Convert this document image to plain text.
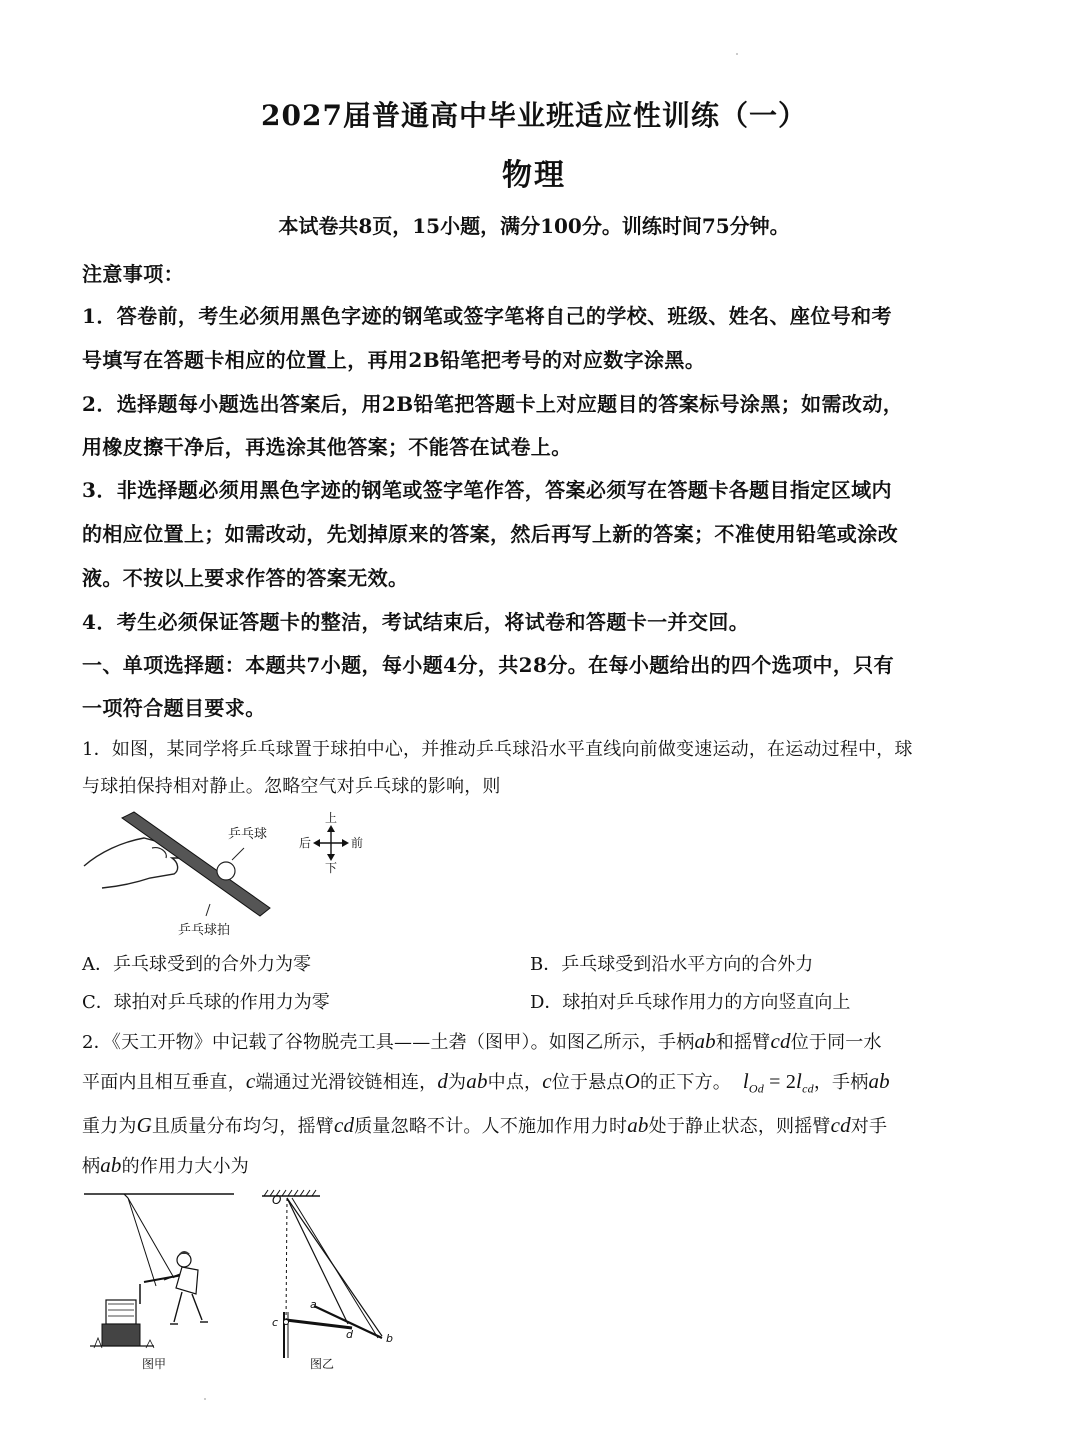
2027届普通高中毕业班适应性训练（一）
物理
本试卷共8页，15小题，满分100分。训练时间75分钟。
注意事项：
1．答卷前，考生必须用黑色字迹的钢笔或签字笔将自己的学校、班级、姓名、座位号和考
号填写在答题卡相应的位置上，再用2B铅笔把考号的对应数字涂黑。
2．选择题每小题选出答案后，用2B铅笔把答题卡上对应题目的答案标号涂黑；如需改动，
用橡皮擦干净后，再选涂其他答案；不能答在试卷上。
3．非选择题必须用黑色字迹的钢笔或签字笔作答，答案必须写在答题卡各题目指定区域内
的相应位置上；如需改动，先划掉原来的答案，然后再写上新的答案；不准使用铅笔或涂改
液。不按以上要求作答的答案无效。
4．考生必须保证答题卡的整洁，考试结束后，将试卷和答题卡一并交回。
一、单项选择题：本题共7小题，每小题4分，共28分。在每小题给出的四个选项中，只有
一项符合题目要求。
1．如图，某同学将乒乓球置于球拍中心，并推动乒乓球沿水平直线向前做变速运动，在运动过程中，球
与球拍保持相对静止。忽略空气对乒乓球的影响，则
乒乓球
乒乓球拍
上
下
后	前
A．乒乓球受到的合外力为零	B．乒乓球受到沿水平方向的合外力
C．球拍对乒乓球的作用力为零	D．球拍对乒乓球作用力的方向竖直向上
2．《天工开物》中记载了谷物脱壳工具——土砻（图甲）。如图乙所示，手柄ab和摇臂cd位于同一水
平面内且相互垂直，c端通过光滑铰链相连，d为ab中点，c位于悬点O的正下方。 $l_{Od} = 2l_{cd}$，手柄ab
重力为G且质量分布均匀，摇臂cd质量忽略不计。人不施加作用力时ab处于静止状态，则摇臂cd对手
柄ab的作用力大小为
图甲
O
a
b
c
d
图乙
